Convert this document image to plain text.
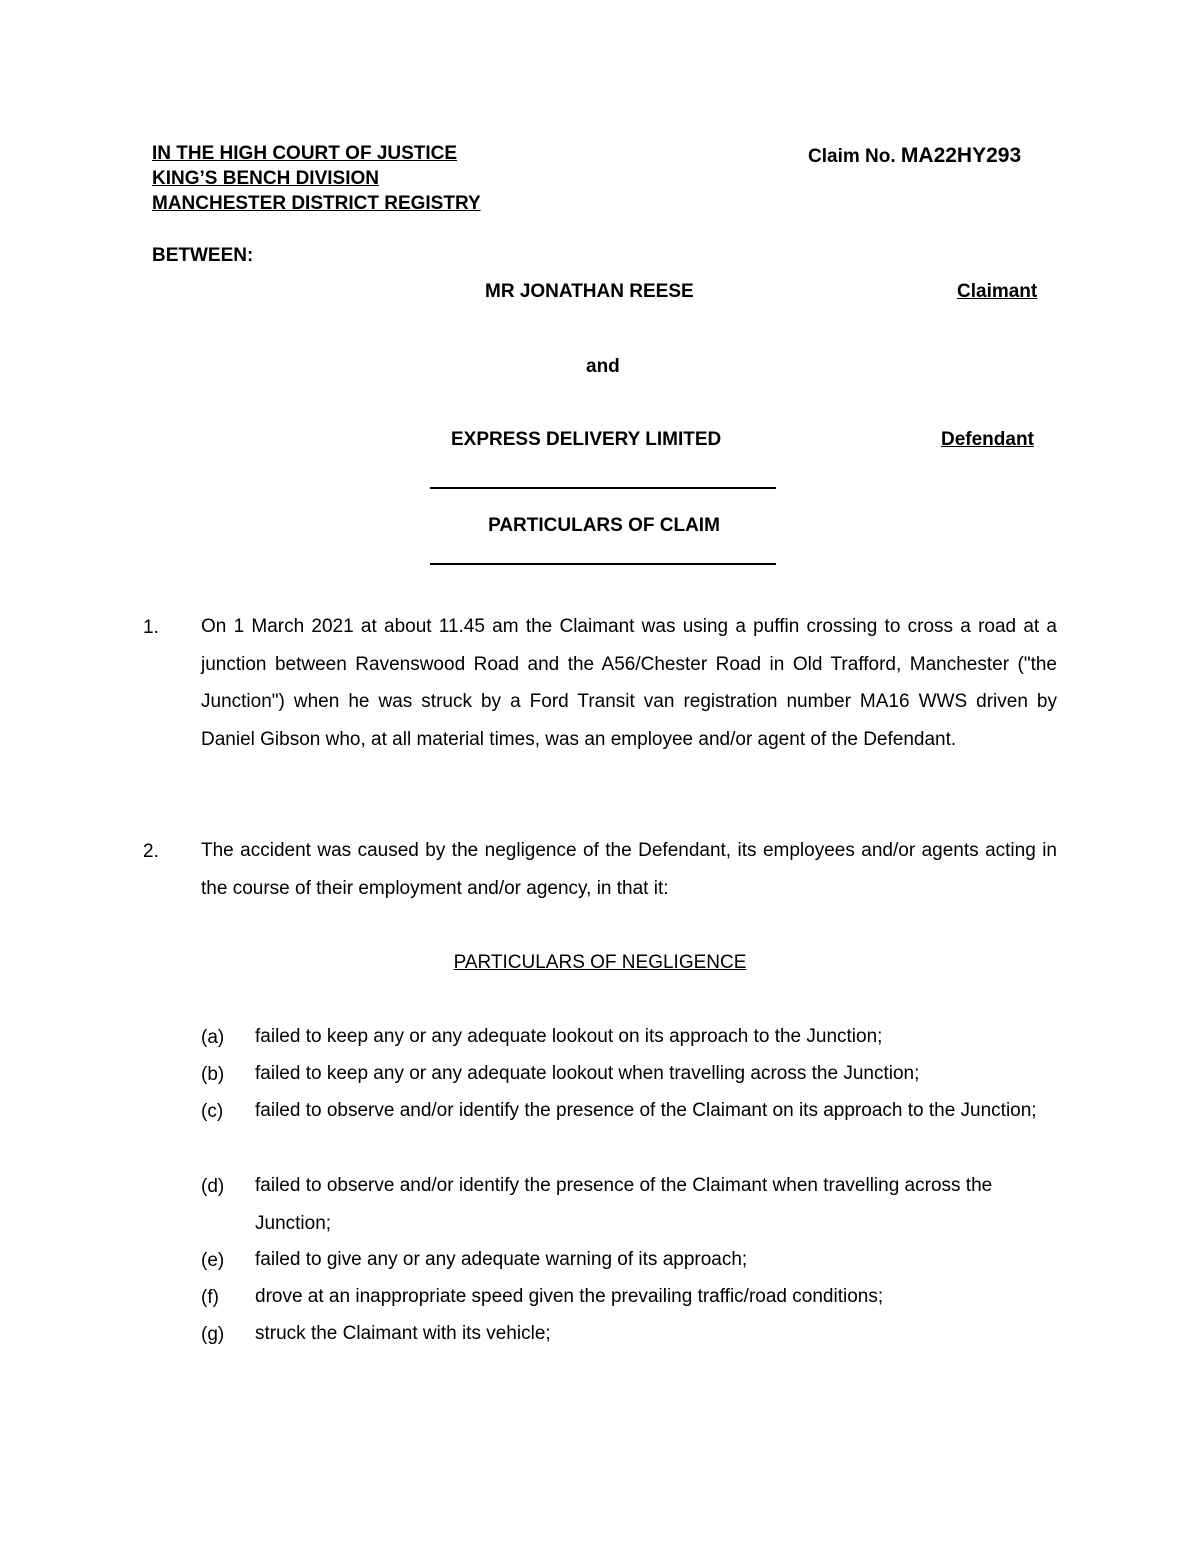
IN THE HIGH COURT OF JUSTICE
KING’S BENCH DIVISION
MANCHESTER DISTRICT REGISTRY
Claim No. MA22HY293
BETWEEN:
MR JONATHAN REESE	Claimant
and
EXPRESS DELIVERY LIMITED	Defendant
PARTICULARS OF CLAIM
1. On 1 March 2021 at about 11.45 am the Claimant was using a puffin crossing to cross a road at a junction between Ravenswood Road and the A56/Chester Road in Old Trafford, Manchester ("the Junction") when he was struck by a Ford Transit van registration number MA16 WWS driven by Daniel Gibson who, at all material times, was an employee and/or agent of the Defendant.
2. The accident was caused by the negligence of the Defendant, its employees and/or agents acting in the course of their employment and/or agency, in that it:
PARTICULARS OF NEGLIGENCE
(a) failed to keep any or any adequate lookout on its approach to the Junction;
(b) failed to keep any or any adequate lookout when travelling across the Junction;
(c) failed to observe and/or identify the presence of the Claimant on its approach to the Junction;
(d) failed to observe and/or identify the presence of the Claimant when travelling across the Junction;
(e) failed to give any or any adequate warning of its approach;
(f) drove at an inappropriate speed given the prevailing traffic/road conditions;
(g) struck the Claimant with its vehicle;
